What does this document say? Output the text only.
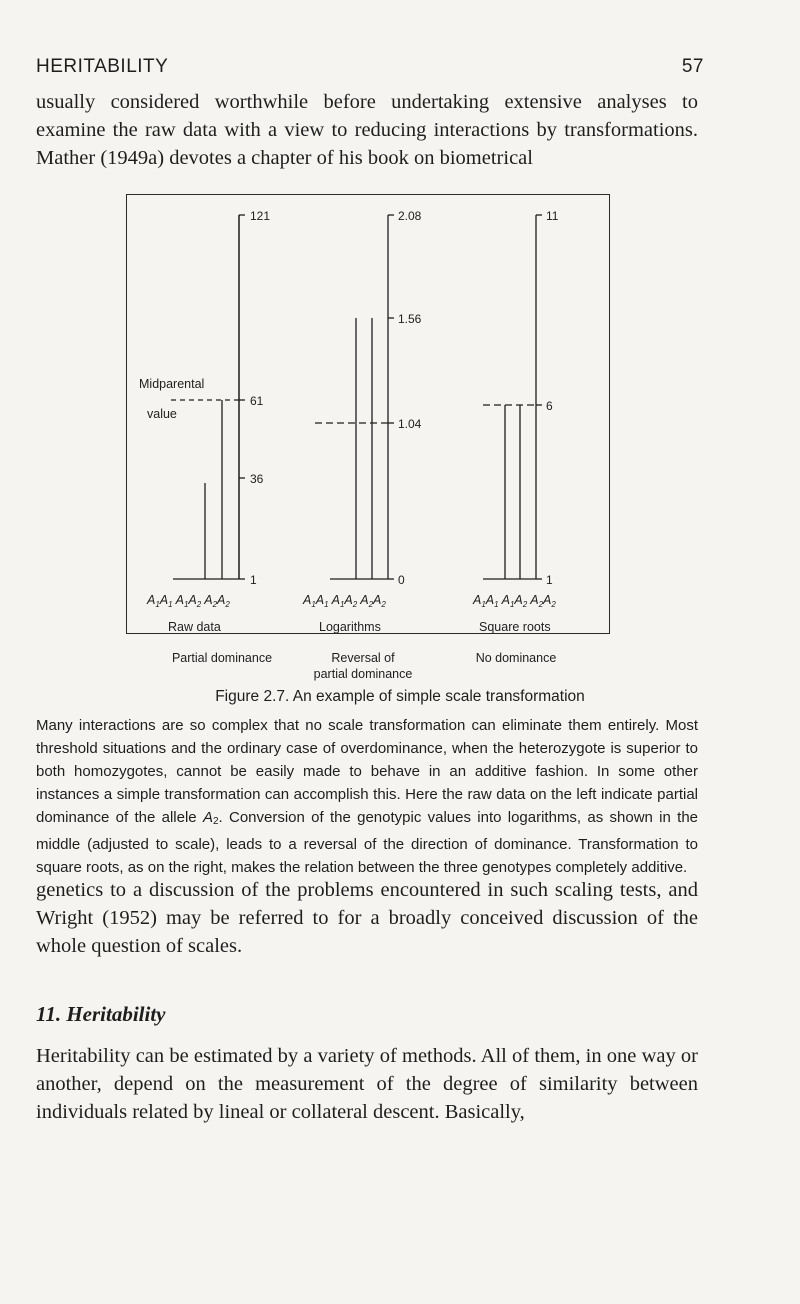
HERITABILITY	57

usually considered worthwhile before undertaking extensive analyses to examine the raw data with a view to reducing interactions by transformations. Mather (1949a) devotes a chapter of his book on biometrical

Midparental
value
121
61
36
1
$A_1A_1$ $A_1A_2$ $A_2A_2$
Raw data
2.08
1.56
1.04
0
$A_1A_1$ $A_1A_2$ $A_2A_2$
Logarithms
11
6
1
$A_1A_1$ $A_1A_2$ $A_2A_2$
Square roots
Partial dominance	Reversal of
partial dominance
No dominance
Figure 2.7. An example of simple scale transformation

Many interactions are so complex that no scale transformation can eliminate them entirely. Most threshold situations and the ordinary case of overdominance, when the heterozygote is superior to both homozygotes, cannot be easily made to behave in an additive fashion. In some other instances a simple transformation can accomplish this. Here the raw data on the left indicate partial dominance of the allele $A_2$. Conversion of the genotypic values into logarithms, as shown in the middle (adjusted to scale), leads to a reversal of the direction of dominance. Transformation to square roots, as on the right, makes the relation between the three genotypes completely additive.

genetics to a discussion of the problems encountered in such scaling tests, and Wright (1952) may be referred to for a broadly conceived discussion of the whole question of scales.

11. Heritability

Heritability can be estimated by a variety of methods. All of them, in one way or another, depend on the measurement of the degree of similarity between individuals related by lineal or collateral descent. Basically,
